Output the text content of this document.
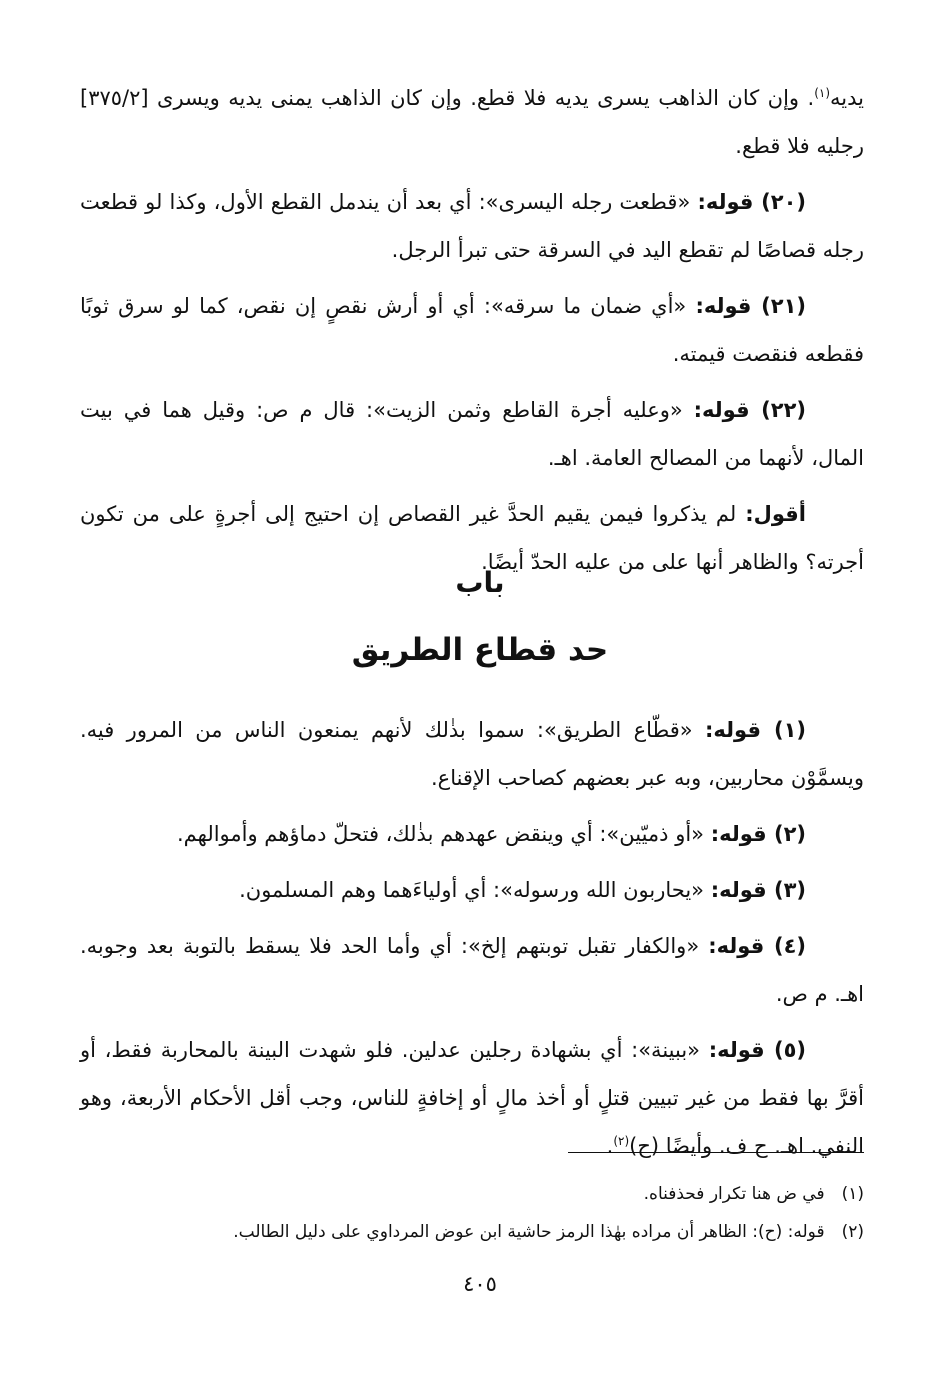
يديه$^{(١)}$. وإن كان الذاهب يسرى يديه فلا قطع. وإن كان الذاهب يمنى يديه ويسرى [٣٧٥/٢] رجليه فلا قطع.

(٢٠) قوله: «قطعت رجله اليسرى»: أي بعد أن يندمل القطع الأول، وكذا لو قطعت رجله قصاصًا لم تقطع اليد في السرقة حتى تبرأ الرجل.

(٢١) قوله: «أي ضمان ما سرقه»: أي أو أرش نقصٍ إن نقص، كما لو سرق ثوبًا فقطعه فنقصت قيمته.

(٢٢) قوله: «وعليه أجرة القاطع وثمن الزيت»: قال م ص: وقيل هما في بيت المال، لأنهما من المصالح العامة. اهـ.

أقول: لم يذكروا فيمن يقيم الحدَّ غير القصاص إن احتيج إلى أجرةٍ على من تكون أجرته؟ والظاهر أنها على من عليه الحدّ أيضًا.

باب
حد قطاع الطريق

(١) قوله: «قطّاع الطريق»: سموا بذٰلك لأنهم يمنعون الناس من المرور فيه. ويسمَّوْن محاربين، وبه عبر بعضهم كصاحب الإقناع.

(٢) قوله: «أو ذميّين»: أي وينقض عهدهم بذٰلك، فتحلّ دماؤهم وأموالهم.

(٣) قوله: «يحاربون الله ورسوله»: أي أولياءَهما وهم المسلمون.

(٤) قوله: «والكفار تقبل توبتهم إلخ»: أي وأما الحد فلا يسقط بالتوبة بعد وجوبه. اهـ. م ص.

(٥) قوله: «ببينة»: أي بشهادة رجلين عدلين. فلو شهدت البينة بالمحاربة فقط، أو أقرَّ بها فقط من غير تبيين قتلٍ أو أخذ مالٍ أو إخافةٍ للناس، وجب أقل الأحكام الأربعة، وهو النفي. اهـ. ح ف. وأيضًا (ح)$^{(٢)}$.

(١) في ض هنا تكرار فحذفناه.
(٢) قوله: (ح): الظاهر أن مراده بهٰذا الرمز حاشية ابن عوض المرداوي على دليل الطالب.
٤٠٥
